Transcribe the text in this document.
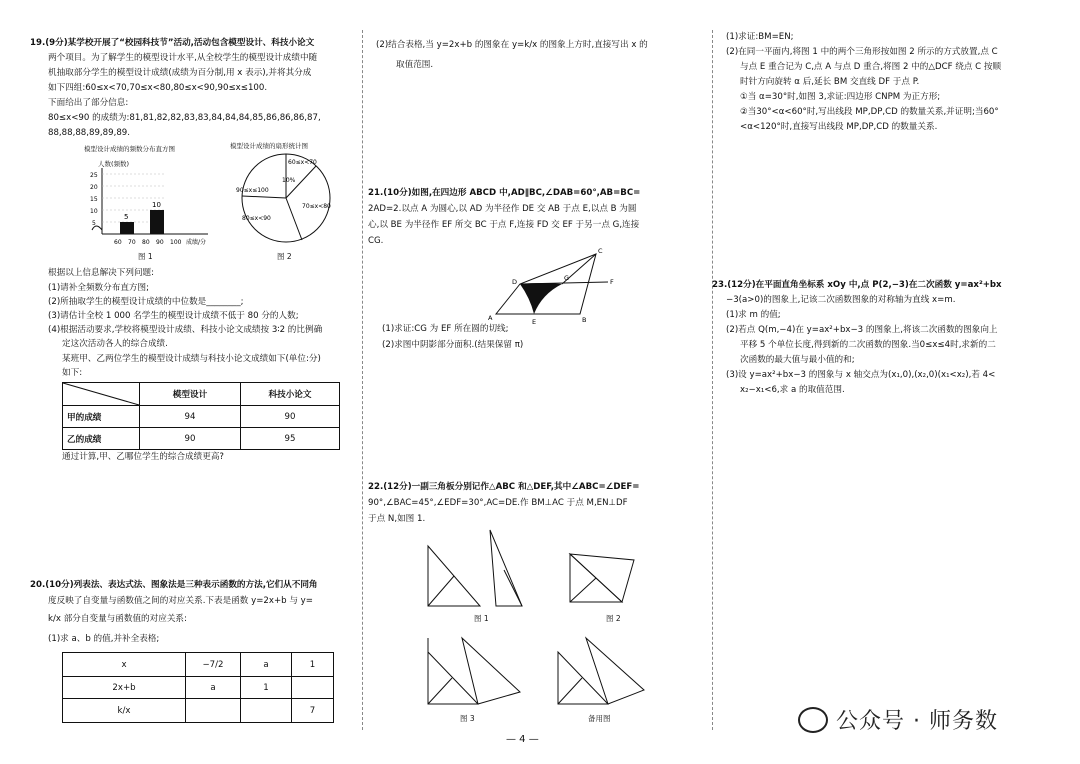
19.(9分)某学校开展了“校园科技节”活动,活动包含模型设计、科技小论文
两个项目。为了解学生的模型设计水平,从全校学生的模型设计成绩中随
机抽取部分学生的模型设计成绩(成绩为百分制,用 x 表示),并将其分成
如下四组:60≤x<70,70≤x<80,80≤x<90,90≤x≤100.
下面给出了部分信息:
80≤x<90 的成绩为:81,81,82,82,83,83,84,84,84,85,86,86,86,87,
88,88,88,89,89,89.
模型设计成绩的频数分布直方图
人数(频数)
25
20
15
10
5
5
10
60 70 80 90 100 成绩/分
图 1
模型设计成绩的扇形统计图
60≤x<70
10%
90≤x≤100
70≤x<80
80≤x<90
图 2
根据以上信息解决下列问题:
(1)请补全频数分布直方图;
(2)所抽取学生的模型设计成绩的中位数是________;
(3)请估计全校 1 000 名学生的模型设计成绩不低于 80 分的人数;
(4)根据活动要求,学校将模型设计成绩、科技小论文成绩按 3∶2 的比例确
定这次活动各人的综合成绩.
某班甲、乙两位学生的模型设计成绩与科技小论文成绩如下(单位:分)
如下:
	模型设计	科技小论文
甲的成绩	94	90
乙的成绩	90	95
通过计算,甲、乙哪位学生的综合成绩更高?
20.(10分)列表法、表达式法、图象法是三种表示函数的方法,它们从不同角
度反映了自变量与函数值之间的对应关系.下表是函数 y=2x+b 与 y=
k/x 部分自变量与函数值的对应关系:
(1)求 a、b 的值,并补全表格;
x	−7/2	a	1
2x+b	a	1	
k/x			7
(2)结合表格,当 y=2x+b 的图象在 y=k/x 的图象上方时,直接写出 x 的
取值范围.
21.(10分)如图,在四边形 ABCD 中,AD∥BC,∠DAB=60°,AB=BC=
2AD=2.以点 A 为圆心,以 AD 为半径作 DE 交 AB 于点 E,以点 B 为圆
心,以 BE 为半径作 EF 所交 BC 于点 F,连接 FD 交 EF 于另一点 G,连接
CG.
A	B
C
D
E
F
G
(1)求证:CG 为 EF 所在圆的切线;
(2)求图中阴影部分面积.(结果保留 π)
22.(12分)一副三角板分别记作△ABC 和△DEF,其中∠ABC=∠DEF=
90°,∠BAC=45°,∠EDF=30°,AC=DE.作 BM⊥AC 于点 M,EN⊥DF
于点 N,如图 1.
图 1	图 2
图 3	备用图
— 4 —
(1)求证:BM=EN;
(2)在同一平面内,将图 1 中的两个三角形按如图 2 所示的方式放置,点 C
与点 E 重合记为 C,点 A 与点 D 重合,将图 2 中的△DCF 绕点 C 按顺
时针方向旋转 α 后,延长 BM 交直线 DF 于点 P.
①当 α=30°时,如图 3,求证:四边形 CNPM 为正方形;
②当30°<α<60°时,写出线段 MP,DP,CD 的数量关系,并证明;当60°
<α<120°时,直接写出线段 MP,DP,CD 的数量关系.
23.(12分)在平面直角坐标系 xOy 中,点 P(2,−3)在二次函数 y=ax²+bx
−3(a>0)的图象上,记该二次函数图象的对称轴为直线 x=m.
(1)求 m 的值;
(2)若点 Q(m,−4)在 y=ax²+bx−3 的图象上,将该二次函数的图象向上
平移 5 个单位长度,得到新的二次函数的图象.当0≤x≤4时,求新的二
次函数的最大值与最小值的和;
(3)设 y=ax²+bx−3 的图象与 x 轴交点为(x₁,0),(x₂,0)(x₁<x₂),若 4<
x₂−x₁<6,求 a 的取值范围.
公众号 · 师务数
